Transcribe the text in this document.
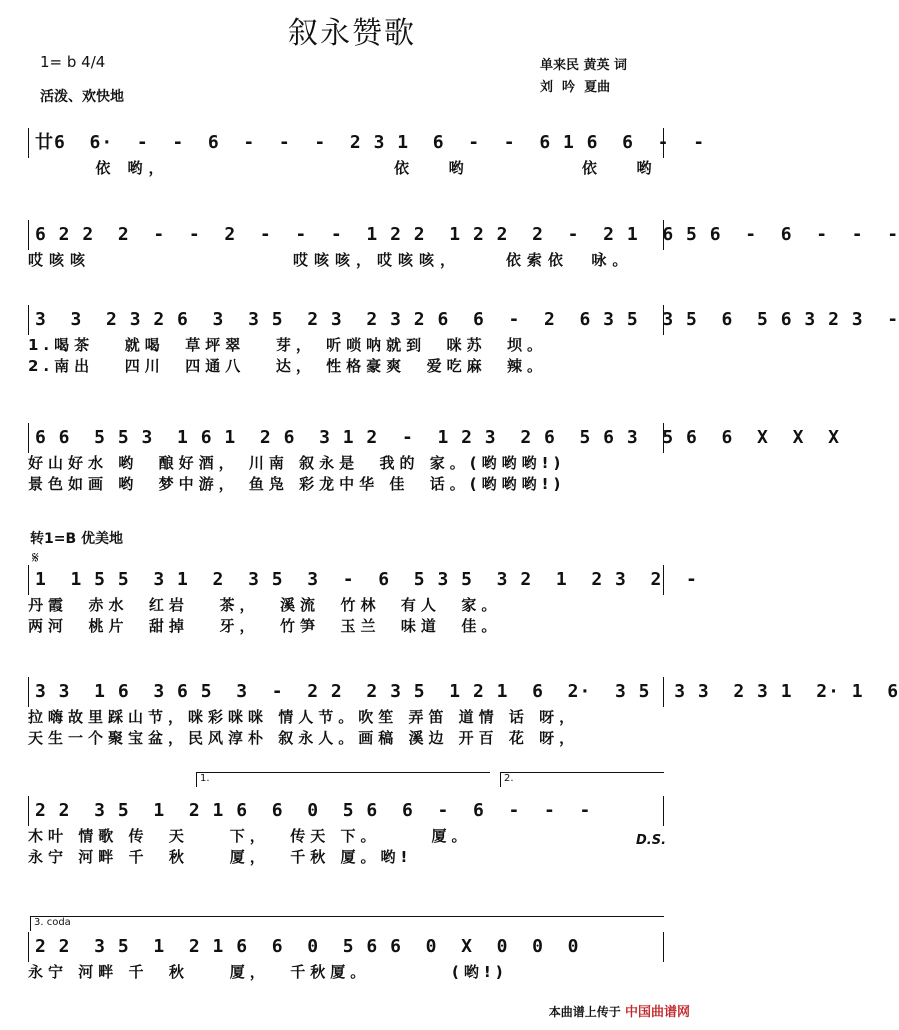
叙永赞歌
1= b 4/4
活泼、欢快地
单来民 黄英 词
刘  吟  夏曲
廿6  6·  -  -  6  -  -  -  2 3 1  6  -  -  6 1 6  6  -  -
依 哟，                    依   哟          依   哟
6 2 2  2  -  -  2  -  -  -  1 2 2  1 2 2  2  -  2 1  6 5 6  -  6  -  -  -
哎咳咳                  哎咳咳，哎咳咳，    依索依  咏。
3  3  2 3 2 6  3  3 5  2 3  2 3 2 6  6  -  2  6 3 5  3 5  6  5 6 3 2 3  -
1.喝茶   就喝  草坪翠   芽， 听唢呐就到  咪苏  坝。
2.南出   四川  四通八   达， 性格豪爽  爱吃麻  辣。
6 6  5 5 3  1 6 1  2 6  3 1 2  -  1 2 3  2 6  5 6 3  5 6  6  X  X  X
好山好水 哟  酿好酒， 川南 叙永是  我的 家。(哟哟哟!)
景色如画 哟  梦中游， 鱼凫 彩龙中华 佳  话。(哟哟哟!)
转1=B 优美地
𝄋
1  1 5 5  3 1  2  3 5  3  -  6  5 3 5  3 2  1  2 3  2  -
丹霞  赤水  红岩   茶，  溪流  竹林  有人  家。
两河  桃片  甜掉   牙，  竹笋  玉兰  味道  佳。
3 3  1 6  3 6 5  3  -  2 2  2 3 5  1 2 1  6  2·  3 5  3 3  2 3 1  2· 1  6
拉嗨故里踩山节，咪彩咪咪 情人节。吹笙 弄笛 道情 话 呀，
天生一个聚宝盆，民风淳朴 叙永人。画稿 溪边 开百 花 呀，
1.	2.
2 2  3 5  1  2 1 6  6  0  5 6  6  -  6  -  -  -
木叶 情歌 传  天    下，  传天 下。     厦。
永宁 河畔 千  秋    厦，  千秋 厦。哟!
D.S.
3. coda
2 2  3 5  1  2 1 6  6  0  5 6 6  0  X  0  0  0
永宁 河畔 千  秋    厦，  千秋厦。        (哟!)
本曲谱上传于 中国曲谱网
